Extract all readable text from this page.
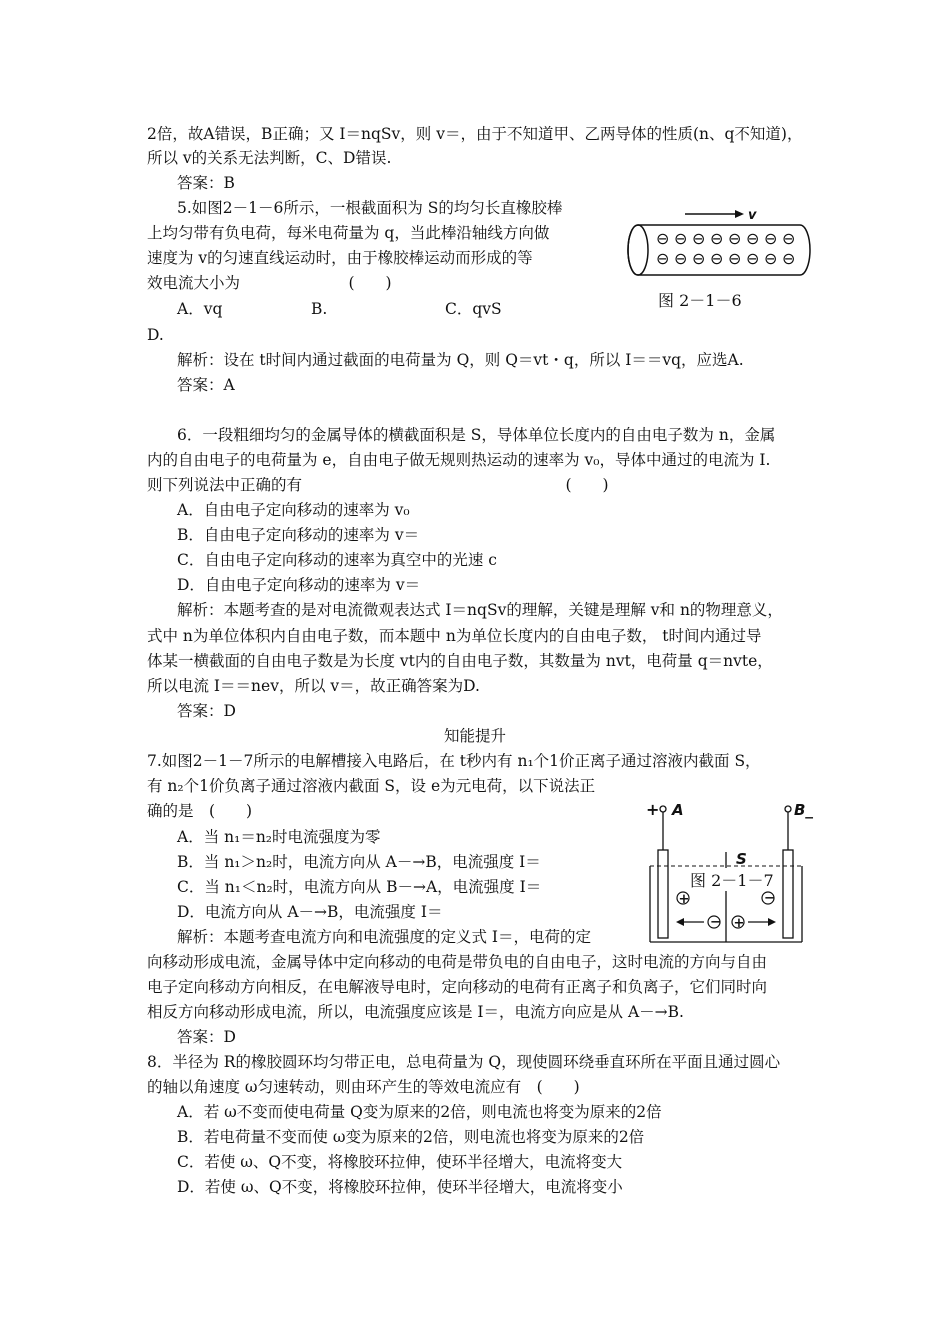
2倍，故A错误，B正确；又 I＝nqSv，则 v＝，由于不知道甲、乙两导体的性质(n、q不知道)，
所以 v的关系无法判断，C、D错误.
答案：B
5.如图2－1－6所示，一根截面积为 S的均匀长直橡胶棒
上均匀带有负电荷，每米电荷量为 q，当此棒沿轴线方向做
速度为 v的匀速直线运动时，由于橡胶棒运动而形成的等
效电流大小为　　　　　　　(　　)
A．vq	B.	C．qvS
D.
解析：设在 t时间内通过截面的电荷量为 Q，则 Q＝vt・q，所以 I＝＝vq，应选A.
答案：A
6．一段粗细均匀的金属导体的横截面积是 S，导体单位长度内的自由电子数为 n，金属
内的自由电子的电荷量为 e，自由电子做无规则热运动的速率为 v₀，导体中通过的电流为 I.
则下列说法中正确的有　　　　　　　　　　　　　　　　　(　　)
A．自由电子定向移动的速率为 v₀
B．自由电子定向移动的速率为 v＝
C．自由电子定向移动的速率为真空中的光速 c
D．自由电子定向移动的速率为 v＝
解析：本题考查的是对电流微观表达式 I＝nqSv的理解，关键是理解 v和 n的物理意义，
式中 n为单位体积内自由电子数，而本题中 n为单位长度内的自由电子数， t时间内通过导
体某一横截面的自由电子数是为长度 vt内的自由电子数，其数量为 nvt，电荷量 q＝nvte，
所以电流 I＝＝nev，所以 v＝，故正确答案为D.
答案：D
知能提升
7.如图2－1－7所示的电解槽接入电路后，在 t秒内有 n₁个1价正离子通过溶液内截面 S，
有 n₂个1价负离子通过溶液内截面 S，设 e为元电荷，以下说法正
确的是　(　　)
A．当 n₁＝n₂时电流强度为零
B．当 n₁＞n₂时，电流方向从 A－→B，电流强度 I＝
C．当 n₁＜n₂时，电流方向从 B－→A，电流强度 I＝
D．电流方向从 A－→B，电流强度 I＝
解析：本题考查电流方向和电流强度的定义式 I＝，电荷的定
向移动形成电流，金属导体中定向移动的电荷是带负电的自由电子，这时电流的方向与自由
电子定向移动方向相反，在电解液导电时，定向移动的电荷有正离子和负离子，它们同时向
相反方向移动形成电流，所以，电流强度应该是 I＝，电流方向应是从 A－→B.
答案：D
8．半径为 R的橡胶圆环均匀带正电，总电荷量为 Q，现使圆环绕垂直环所在平面且通过圆心
的轴以角速度 ω匀速转动，则由环产生的等效电流应有　(　　)
A．若 ω不变而使电荷量 Q变为原来的2倍，则电流也将变为原来的2倍
B．若电荷量不变而使 ω变为原来的2倍，则电流也将变为原来的2倍
C．若使 ω、Q不变，将橡胶环拉伸，使环半径增大，电流将变大
D．若使 ω、Q不变，将橡胶环拉伸，使环半径增大，电流将变小
v
⊖ ⊖ ⊖ ⊖ ⊖ ⊖ ⊖ ⊖
⊖ ⊖ ⊖ ⊖ ⊖ ⊖ ⊖ ⊖
图 2－1－6
+ A	B_
S
+	−
− +
图 2－1－7
